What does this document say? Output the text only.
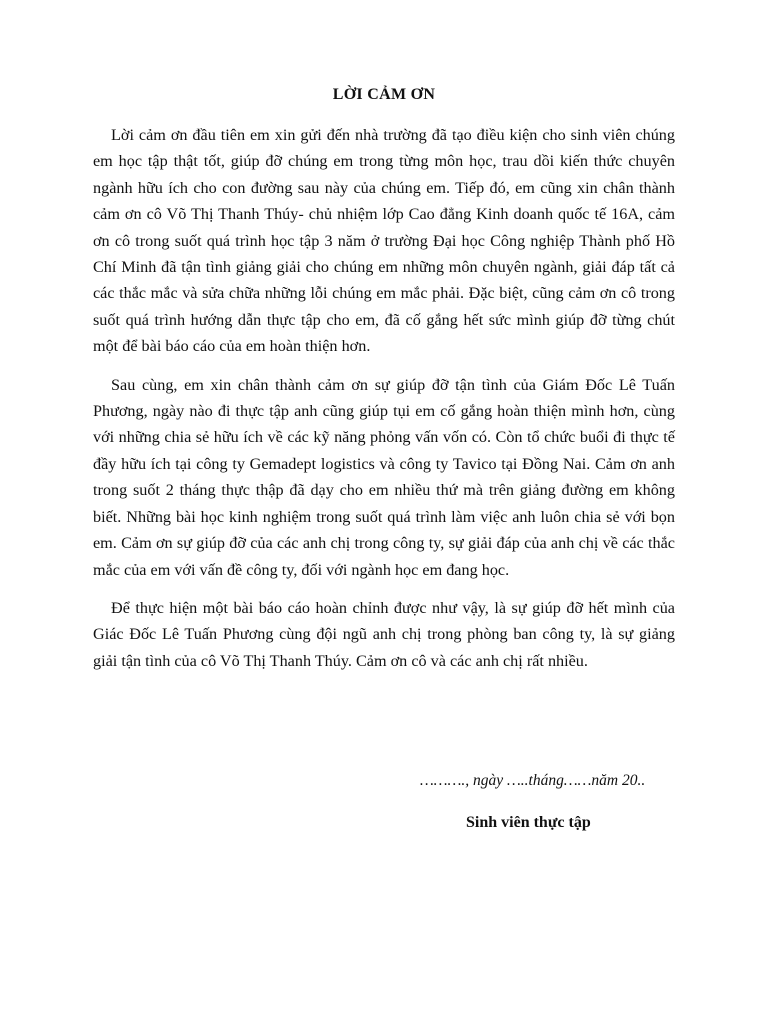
LỜI CẢM ƠN

Lời cảm ơn đầu tiên em xin gửi đến nhà trường đã tạo điều kiện cho sinh viên chúng em học tập thật tốt, giúp đỡ chúng em trong từng môn học, trau dồi kiến thức chuyên ngành hữu ích cho con đường sau này của chúng em. Tiếp đó, em cũng xin chân thành cảm ơn cô Võ Thị Thanh Thúy- chủ nhiệm lớp Cao đẳng Kinh doanh quốc tế 16A, cảm ơn cô trong suốt quá trình học tập 3 năm ở trường Đại học Công nghiệp Thành phố Hồ Chí Minh đã tận tình giảng giải cho chúng em những môn chuyên ngành, giải đáp tất cả các thắc mắc và sửa chữa những lỗi chúng em mắc phải. Đặc biệt, cũng cảm ơn cô trong suốt quá trình hướng dẫn thực tập cho em, đã cố gắng hết sức mình giúp đỡ từng chút một để bài báo cáo của em hoàn thiện hơn.

Sau cùng, em xin chân thành cảm ơn sự giúp đỡ tận tình của Giám Đốc Lê Tuấn Phương, ngày nào đi thực tập anh cũng giúp tụi em cố gắng hoàn thiện mình hơn, cùng với những chia sẻ hữu ích về các kỹ năng phỏng vấn vốn có. Còn tổ chức buổi đi thực tế đầy hữu ích tại công ty Gemadept logistics và công ty Tavico tại Đồng Nai. Cảm ơn anh trong suốt 2 tháng thực thập đã dạy cho em nhiều thứ mà trên giảng đường em không biết. Những bài học kinh nghiệm trong suốt quá trình làm việc anh luôn chia sẻ với bọn em. Cảm ơn sự giúp đỡ của các anh chị trong công ty, sự giải đáp của anh chị về các thắc mắc của em với vấn đề công ty, đối với ngành học em đang học.

Để thực hiện một bài báo cáo hoàn chỉnh được như vậy, là sự giúp đỡ hết mình của Giác Đốc Lê Tuấn Phương cùng đội ngũ anh chị trong phòng ban công ty, là sự giảng giải tận tình của cô Võ Thị Thanh Thúy. Cảm ơn cô và các anh chị rất nhiều.

………., ngày …..tháng……năm 20..
Sinh viên thực tập
